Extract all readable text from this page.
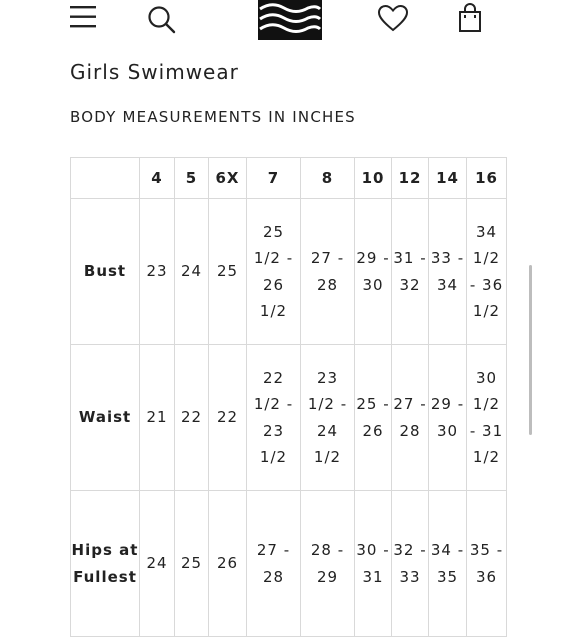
Girls Swimwear
BODY MEASUREMENTS IN INCHES
	4	5	6X	7	8	10	12	14	16
Bust	23	24	25	25 1/2 - 26 1/2	27 - 28	29 - 30	31 - 32	33 - 34	34 1/2 - 36 1/2
Waist	21	22	22	22 1/2 - 23 1/2	23 1/2 - 24 1/2	25 - 26	27 - 28	29 - 30	30 1/2 - 31 1/2
Hips at Fullest	24	25	26	27 - 28	28 - 29	30 - 31	32 - 33	34 - 35	35 - 36
